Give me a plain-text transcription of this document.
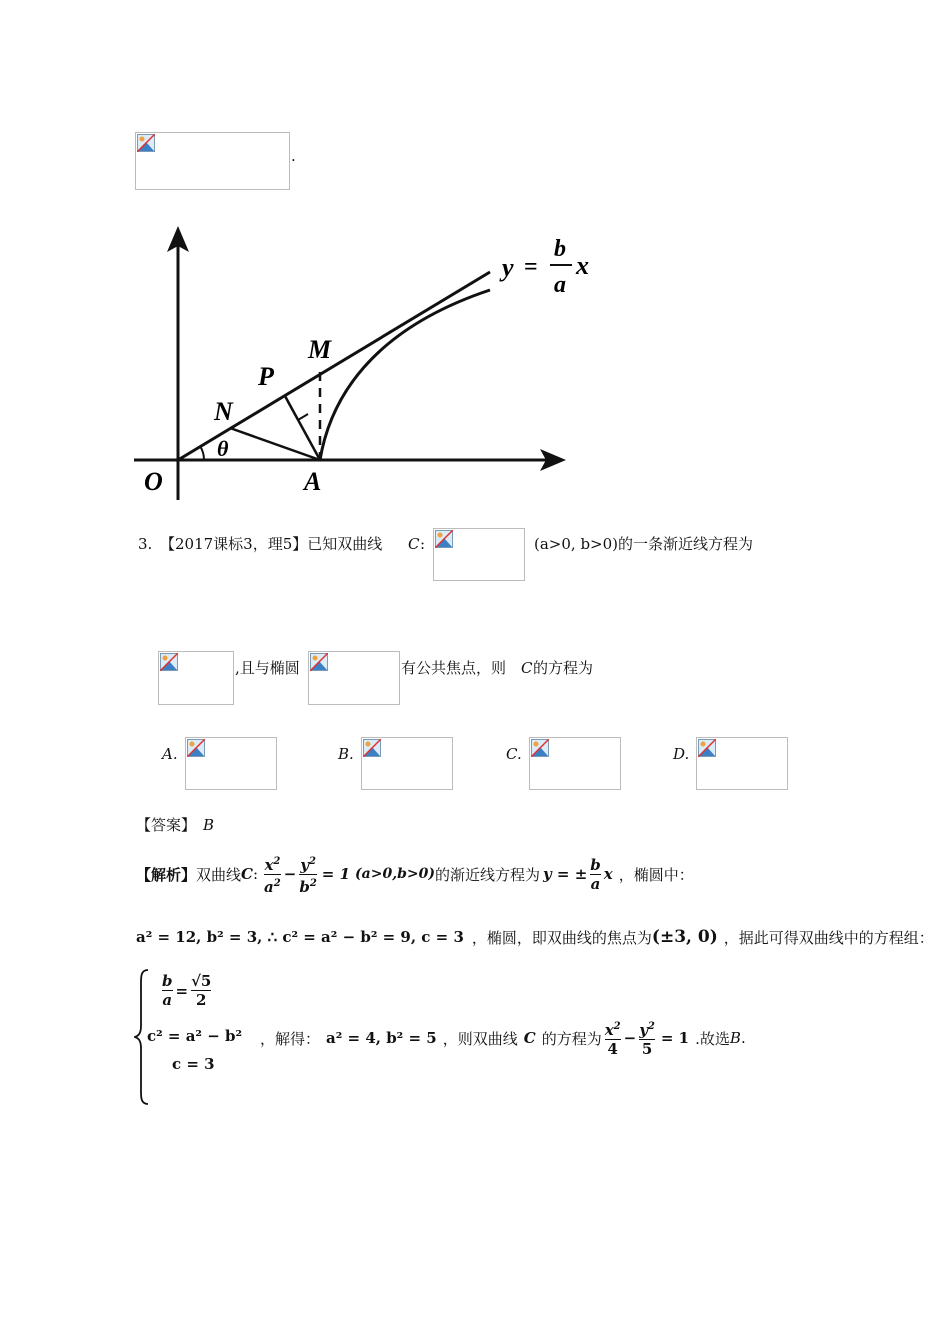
.
y =
b
a
x
M
P
N
θ
O	A
3. 【2017课标3，理5】已知双曲线 C :	(a>0, b>0)的一条渐近线方程为
,且与椭圆	有公共焦点，则 C 的方程为
A.	B.	C.	D.
【答案】 B
【解析】 双曲线 C : $\frac{x^2}{a^2} - \frac{y^2}{b^2} = 1$ (a>0,b>0) 的渐近线方程为 y = ± $\frac{b}{a}$ x ，椭圆中：
a² = 12, b² = 3, ∴ c² = a² − b² = 9, c = 3 ，椭圆，即双曲线的焦点为 (±3, 0) ，据此可得双曲线中的方程组：
$\frac{b}{a} = \frac{√5}{2}$
c² = a² − b²
c = 3
，解得： a² = 4, b² = 5 ，则双曲线 C 的方程为 $\frac{x^2}{4} - \frac{y^2}{5} = 1$ .故选 B .
